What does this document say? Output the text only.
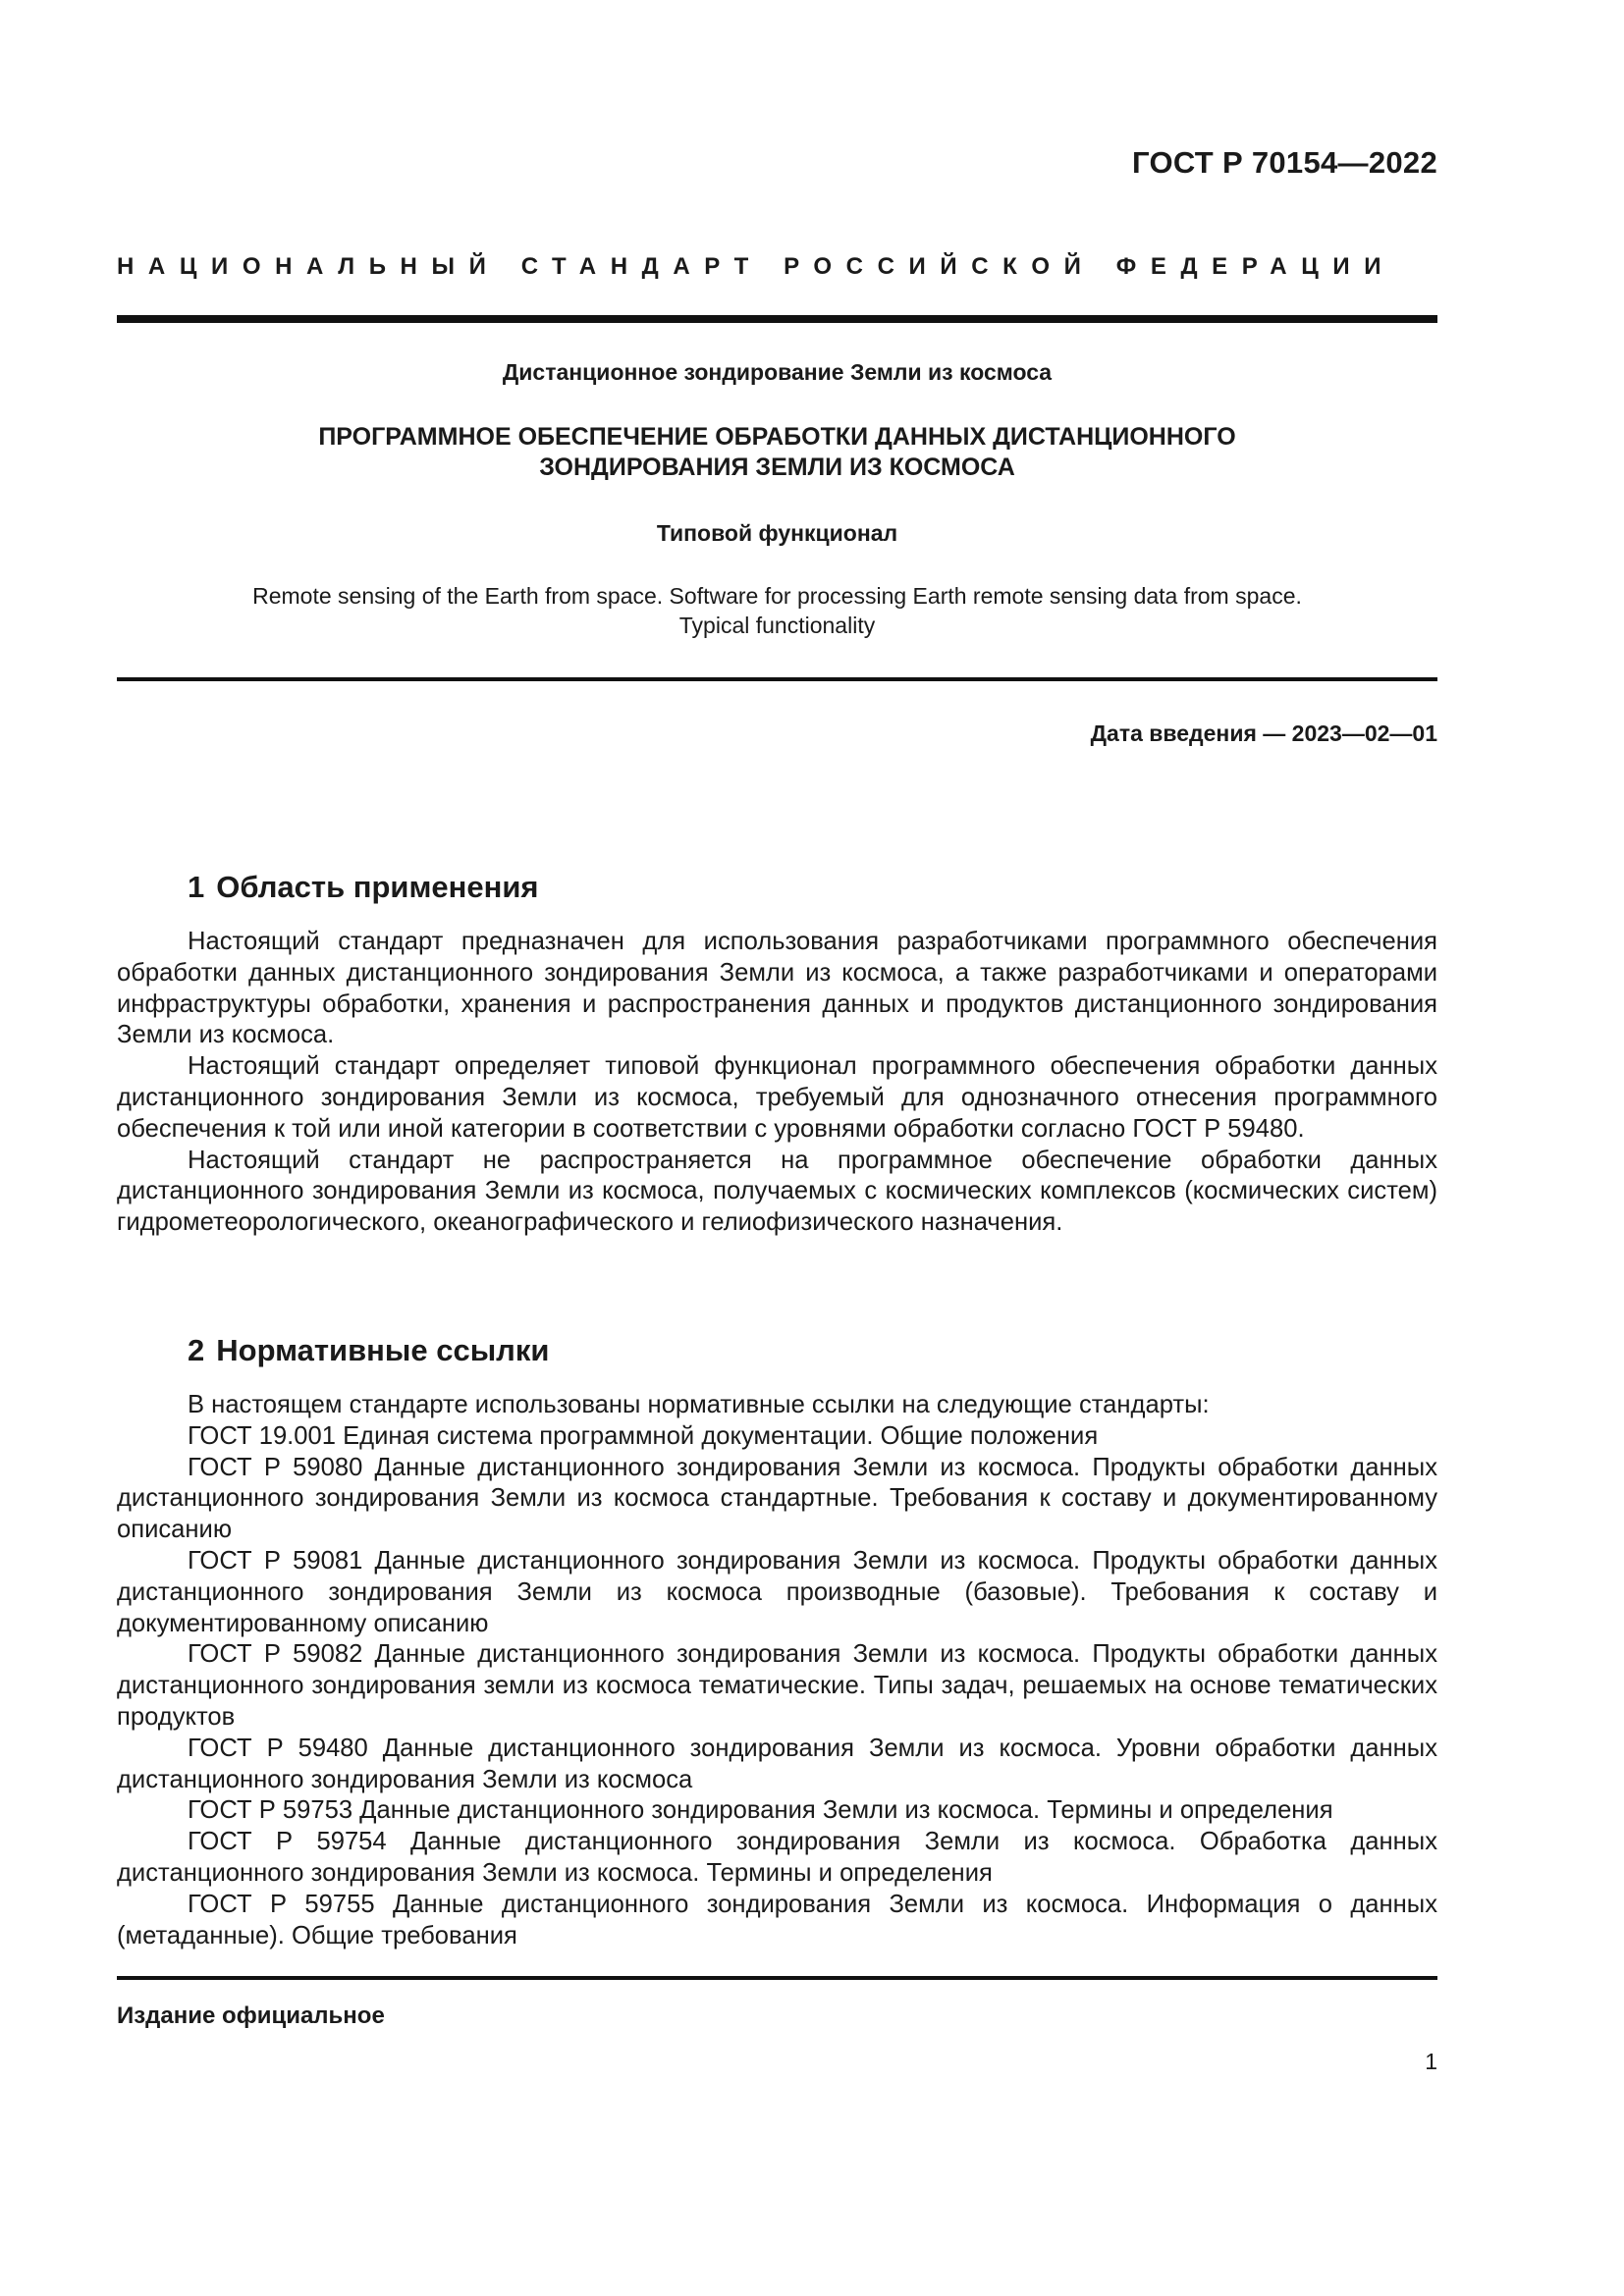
ГОСТ Р 70154—2022
НАЦИОНАЛЬНЫЙ СТАНДАРТ РОССИЙСКОЙ ФЕДЕРАЦИИ
Дистанционное зондирование Земли из космоса
ПРОГРАММНОЕ ОБЕСПЕЧЕНИЕ ОБРАБОТКИ ДАННЫХ ДИСТАНЦИОННОГО
ЗОНДИРОВАНИЯ ЗЕМЛИ ИЗ КОСМОСА
Типовой функционал
Remote sensing of the Earth from space. Software for processing Earth remote sensing data from space.
Typical functionality
Дата введения — 2023—02—01
1 Область применения

Настоящий стандарт предназначен для использования разработчиками программного обеспечения обработки данных дистанционного зондирования Земли из космоса, а также разработчиками и операторами инфраструктуры обработки, хранения и распространения данных и продуктов дистанционного зондирования Земли из космоса.

Настоящий стандарт определяет типовой функционал программного обеспечения обработки данных дистанционного зондирования Земли из космоса, требуемый для однозначного отнесения программного обеспечения к той или иной категории в соответствии с уровнями обработки согласно ГОСТ Р 59480.

Настоящий стандарт не распространяется на программное обеспечение обработки данных дистанционного зондирования Земли из космоса, получаемых с космических комплексов (космических систем) гидрометеорологического, океанографического и гелиофизического назначения.

2 Нормативные ссылки

В настоящем стандарте использованы нормативные ссылки на следующие стандарты:

ГОСТ 19.001 Единая система программной документации. Общие положения

ГОСТ Р 59080 Данные дистанционного зондирования Земли из космоса. Продукты обработки данных дистанционного зондирования Земли из космоса стандартные. Требования к составу и документированному описанию

ГОСТ Р 59081 Данные дистанционного зондирования Земли из космоса. Продукты обработки данных дистанционного зондирования Земли из космоса производные (базовые). Требования к составу и документированному описанию

ГОСТ Р 59082 Данные дистанционного зондирования Земли из космоса. Продукты обработки данных дистанционного зондирования земли из космоса тематические. Типы задач, решаемых на основе тематических продуктов

ГОСТ Р 59480 Данные дистанционного зондирования Земли из космоса. Уровни обработки данных дистанционного зондирования Земли из космоса

ГОСТ Р 59753 Данные дистанционного зондирования Земли из космоса. Термины и определения

ГОСТ Р 59754 Данные дистанционного зондирования Земли из космоса. Обработка данных дистанционного зондирования Земли из космоса. Термины и определения

ГОСТ Р 59755 Данные дистанционного зондирования Земли из космоса. Информация о данных (метаданные). Общие требования

Издание официальное
1
